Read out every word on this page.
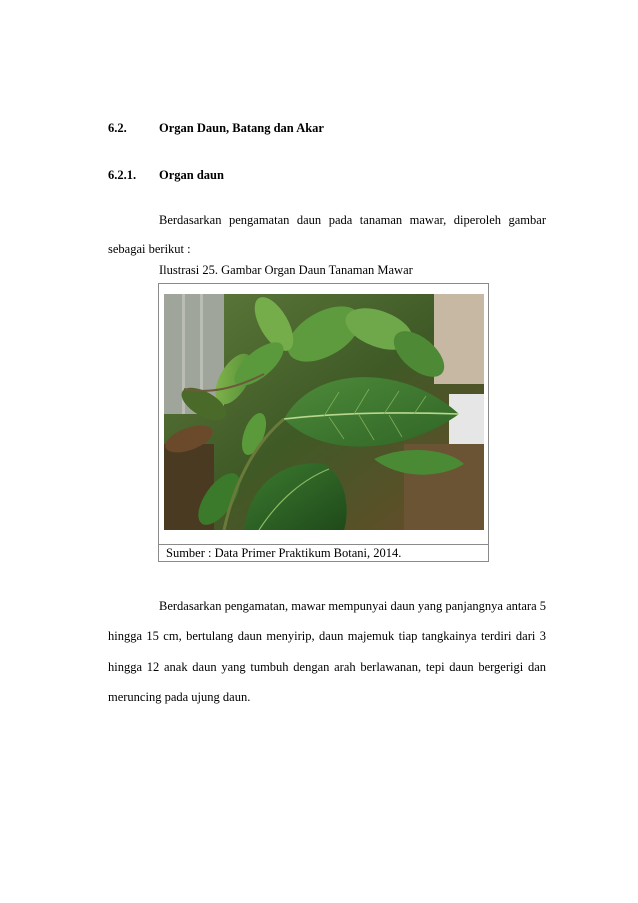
6.2.	Organ Daun, Batang dan Akar
6.2.1. Organ daun

Berdasarkan pengamatan daun pada tanaman mawar, diperoleh gambar sebagai berikut :

Ilustrasi 25. Gambar Organ Daun Tanaman Mawar
Sumber : Data Primer Praktikum Botani, 2014.

Berdasarkan pengamatan, mawar mempunyai daun yang panjangnya antara 5 hingga 15 cm, bertulang daun menyirip, daun majemuk tiap tangkainya terdiri dari 3 hingga 12 anak daun yang tumbuh dengan arah berlawanan, tepi daun bergerigi dan meruncing pada ujung daun.
